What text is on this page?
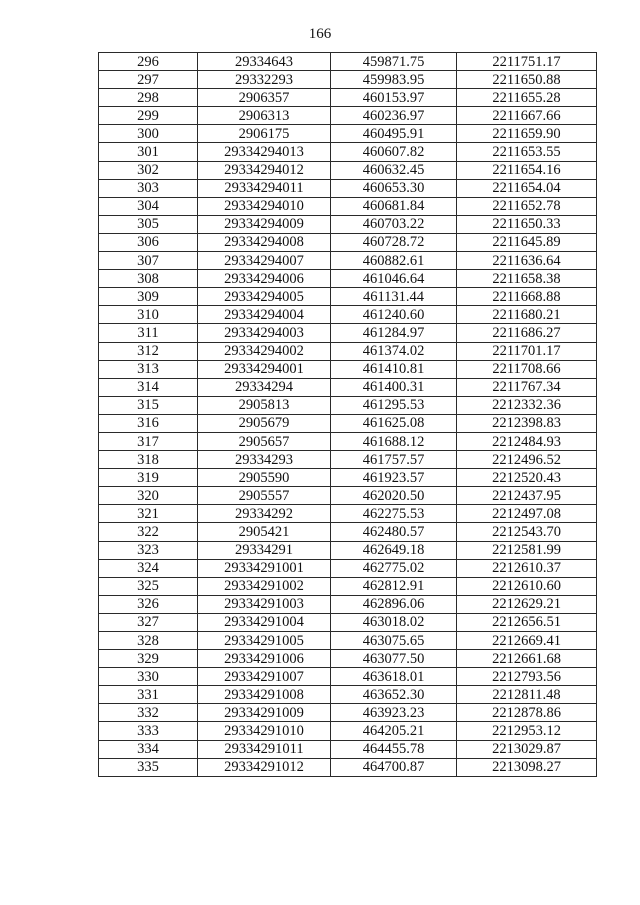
166
296	29334643	459871.75	2211751.17
297	29332293	459983.95	2211650.88
298	2906357	460153.97	2211655.28
299	2906313	460236.97	2211667.66
300	2906175	460495.91	2211659.90
301	29334294013	460607.82	2211653.55
302	29334294012	460632.45	2211654.16
303	29334294011	460653.30	2211654.04
304	29334294010	460681.84	2211652.78
305	29334294009	460703.22	2211650.33
306	29334294008	460728.72	2211645.89
307	29334294007	460882.61	2211636.64
308	29334294006	461046.64	2211658.38
309	29334294005	461131.44	2211668.88
310	29334294004	461240.60	2211680.21
311	29334294003	461284.97	2211686.27
312	29334294002	461374.02	2211701.17
313	29334294001	461410.81	2211708.66
314	29334294	461400.31	2211767.34
315	2905813	461295.53	2212332.36
316	2905679	461625.08	2212398.83
317	2905657	461688.12	2212484.93
318	29334293	461757.57	2212496.52
319	2905590	461923.57	2212520.43
320	2905557	462020.50	2212437.95
321	29334292	462275.53	2212497.08
322	2905421	462480.57	2212543.70
323	29334291	462649.18	2212581.99
324	29334291001	462775.02	2212610.37
325	29334291002	462812.91	2212610.60
326	29334291003	462896.06	2212629.21
327	29334291004	463018.02	2212656.51
328	29334291005	463075.65	2212669.41
329	29334291006	463077.50	2212661.68
330	29334291007	463618.01	2212793.56
331	29334291008	463652.30	2212811.48
332	29334291009	463923.23	2212878.86
333	29334291010	464205.21	2212953.12
334	29334291011	464455.78	2213029.87
335	29334291012	464700.87	2213098.27
